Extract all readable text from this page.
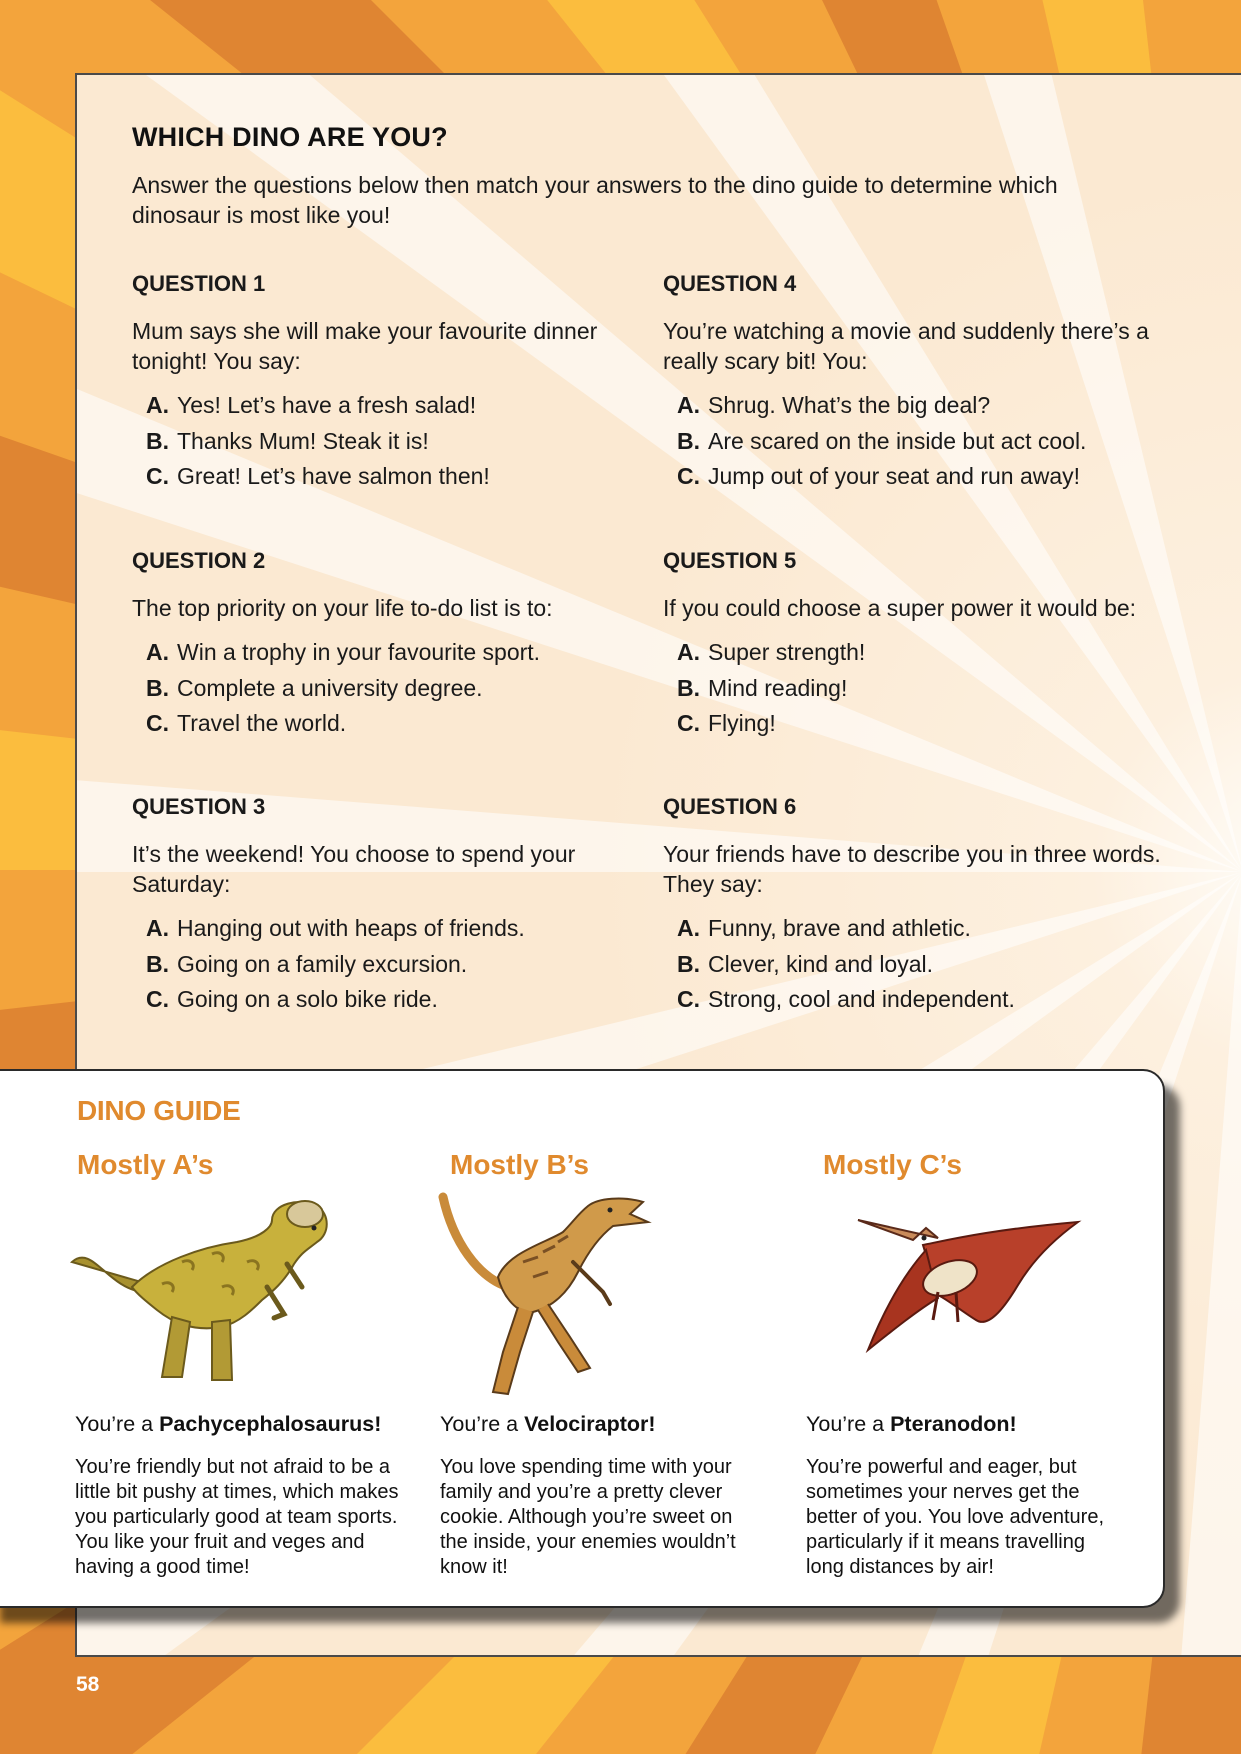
WHICH DINO ARE YOU?

Answer the questions below then match your answers to the dino guide to determine which dinosaur is most like you!

QUESTION 1

Mum says she will make your favourite dinner tonight! You say:

A. Yes! Let’s have a fresh salad!
B. Thanks Mum! Steak it is!
C. Great! Let’s have salmon then!

QUESTION 2

The top priority on your life to-do list is to:

A. Win a trophy in your favourite sport.
B. Complete a university degree.
C. Travel the world.

QUESTION 3

It’s the weekend! You choose to spend your Saturday:

A. Hanging out with heaps of friends.
B. Going on a family excursion.
C. Going on a solo bike ride.

QUESTION 4

You’re watching a movie and suddenly there’s a really scary bit! You:

A. Shrug. What’s the big deal?
B. Are scared on the inside but act cool.
C. Jump out of your seat and run away!

QUESTION 5

If you could choose a super power it would be:

A. Super strength!
B. Mind reading!
C. Flying!

QUESTION 6

Your friends have to describe you in three words. They say:

A. Funny, brave and athletic.
B. Clever, kind and loyal.
C. Strong, cool and independent.
DINO GUIDE
Mostly A’s	Mostly B’s	Mostly C’s

You’re a Pachycephalosaurus!	You’re a Velociraptor!	You’re a Pteranodon!

You’re friendly but not afraid to be a little bit pushy at times, which makes you particularly good at team sports. You like your fruit and veges and having a good time!

You love spending time with your family and you’re a pretty clever cookie. Although you’re sweet on the inside, your enemies wouldn’t know it!

You’re powerful and eager, but sometimes your nerves get the better of you. You love adventure, particularly if it means travelling long distances by air!

58
